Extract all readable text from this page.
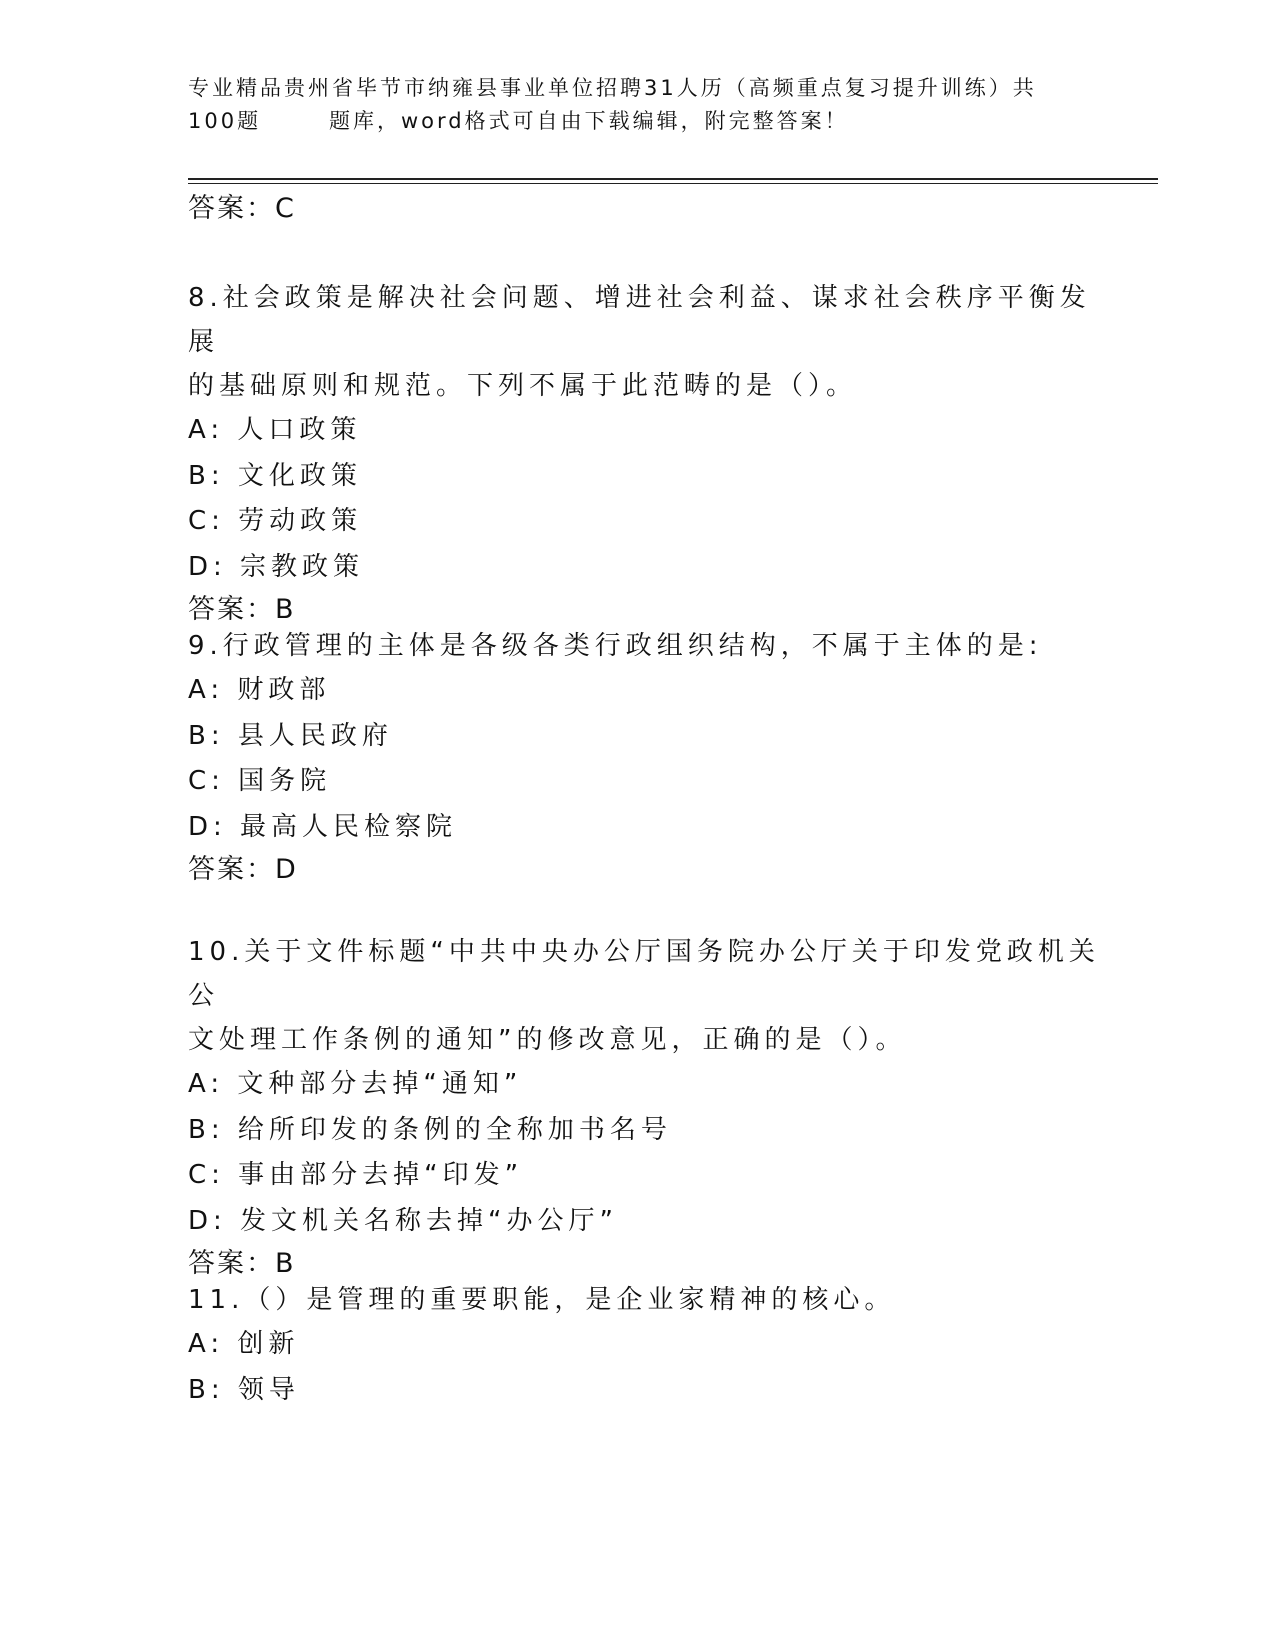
专业精品贵州省毕节市纳雍县事业单位招聘31人历（高频重点复习提升训练）共
100题	题库，word格式可自由下载编辑，附完整答案！

答案：C

8.社会政策是解决社会问题、增进社会利益、谋求社会秩序平衡发展

的基础原则和规范。下列不属于此范畴的是（）。

A: 人口政策

B: 文化政策

C: 劳动政策

D: 宗教政策

答案：B

9.行政管理的主体是各级各类行政组织结构，不属于主体的是:

A: 财政部

B: 县人民政府

C: 国务院

D: 最高人民检察院

答案：D

10.关于文件标题“中共中央办公厅国务院办公厅关于印发党政机关公

文处理工作条例的通知”的修改意见，正确的是（）。

A: 文种部分去掉“通知”

B: 给所印发的条例的全称加书名号

C: 事由部分去掉“印发”

D: 发文机关名称去掉“办公厅”

答案：B

11.（）是管理的重要职能，是企业家精神的核心。

A: 创新

B: 领导
